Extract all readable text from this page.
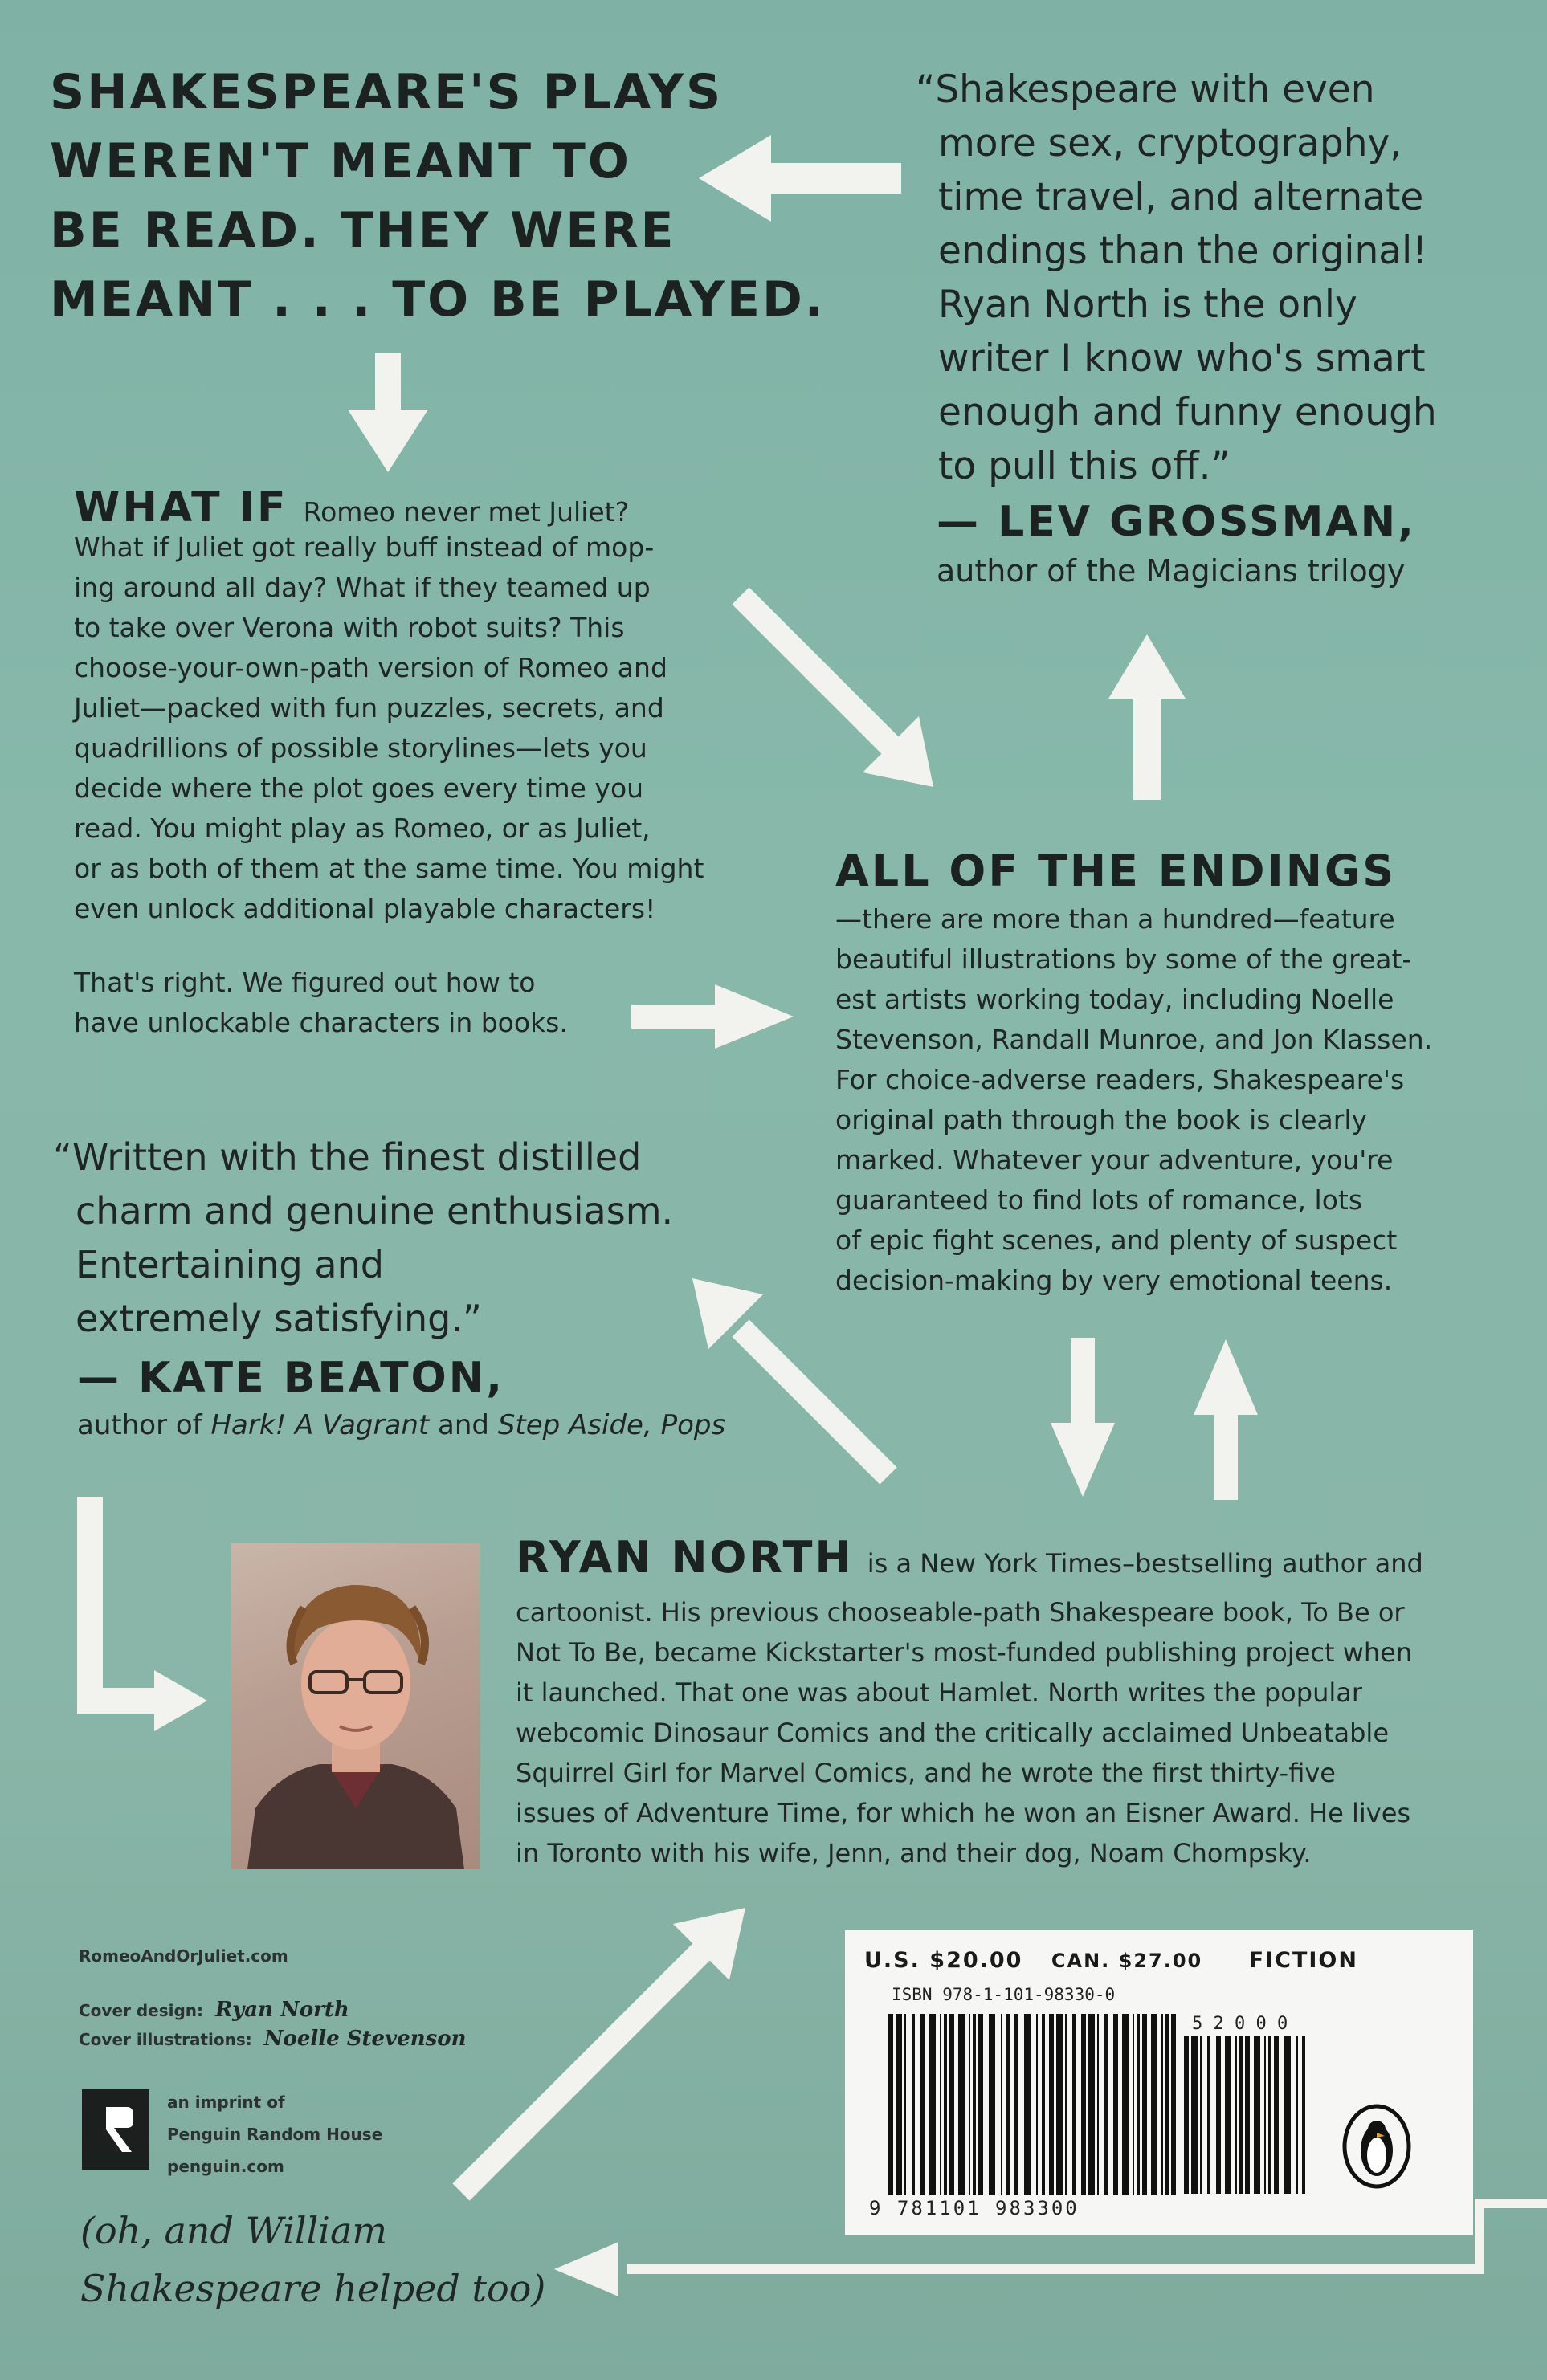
SHAKESPEARE'S PLAYS
WEREN'T MEANT TO
BE READ. THEY WERE
MEANT . . . TO BE PLAYED.
“Shakespeare with even
more sex, cryptography,
time travel, and alternate
endings than the original!
Ryan North is the only
writer I know who's smart
enough and funny enough
to pull this off.”
— LEV GROSSMAN,
author of the Magicians trilogy
WHAT IF Romeo never met Juliet?
What if Juliet got really buff instead of mop-
ing around all day? What if they teamed up
to take over Verona with robot suits? This
choose-your-own-path version of Romeo and
Juliet—packed with fun puzzles, secrets, and
quadrillions of possible storylines—lets you
decide where the plot goes every time you
read. You might play as Romeo, or as Juliet,
or as both of them at the same time. You might
even unlock additional playable characters!
That's right. We figured out how to
have unlockable characters in books.
ALL OF THE ENDINGS
—there are more than a hundred—feature
beautiful illustrations by some of the great-
est artists working today, including Noelle
Stevenson, Randall Munroe, and Jon Klassen.
For choice-adverse readers, Shakespeare's
original path through the book is clearly
marked. Whatever your adventure, you're
guaranteed to find lots of romance, lots
of epic fight scenes, and plenty of suspect
decision-making by very emotional teens.
“Written with the finest distilled
charm and genuine enthusiasm.
Entertaining and
extremely satisfying.”
— KATE BEATON,
author of Hark! A Vagrant and Step Aside, Pops
RYAN NORTH is a New York Times–bestselling author and
cartoonist. His previous chooseable-path Shakespeare book, To Be or
Not To Be, became Kickstarter's most-funded publishing project when
it launched. That one was about Hamlet. North writes the popular
webcomic Dinosaur Comics and the critically acclaimed Unbeatable
Squirrel Girl for Marvel Comics, and he wrote the first thirty-five
issues of Adventure Time, for which he won an Eisner Award. He lives
in Toronto with his wife, Jenn, and their dog, Noam Chompsky.
RomeoAndOrJuliet.com
Cover design: Ryan North
Cover illustrations: Noelle Stevenson
an imprint of
Penguin Random House
penguin.com
(oh, and William
Shakespeare helped too)
U.S. $20.00 CAN. $27.00 FICTION
ISBN 978-1-101-98330-0
5 2 0 0 0
9 781101 983300
